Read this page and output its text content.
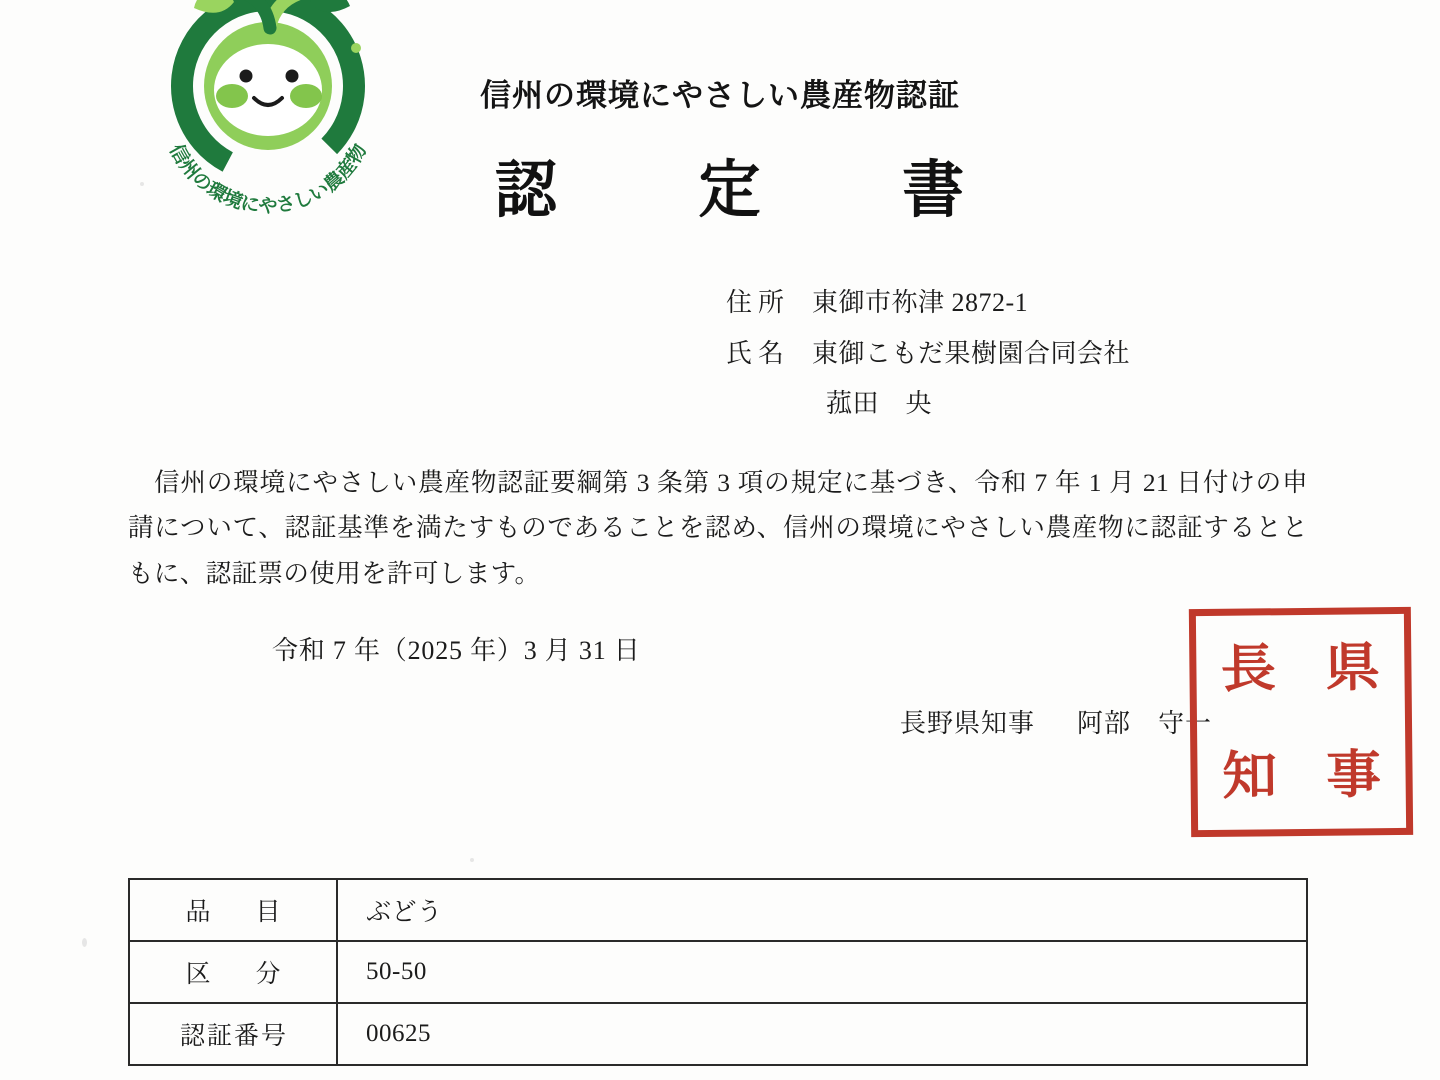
信州の環境にやさしい農産物
信州の環境にやさしい農産物認証
認 定 書
住所 東御市祢津 2872-1
氏名 東御こもだ果樹園合同会社
菰田　央
信州の環境にやさしい農産物認証要綱第 3 条第 3 項の規定に基づき、令和 7 年 1 月 21 日付けの申請について、認証基準を満たすものであることを認め、信州の環境にやさしい農産物に認証するとともに、認証票の使用を許可します。
令和 7 年（2025 年）3 月 31 日
長野県知事 阿部　守一
県
長
事
知
品　目	ぶどう
区　分	50-50
認証番号	00625
